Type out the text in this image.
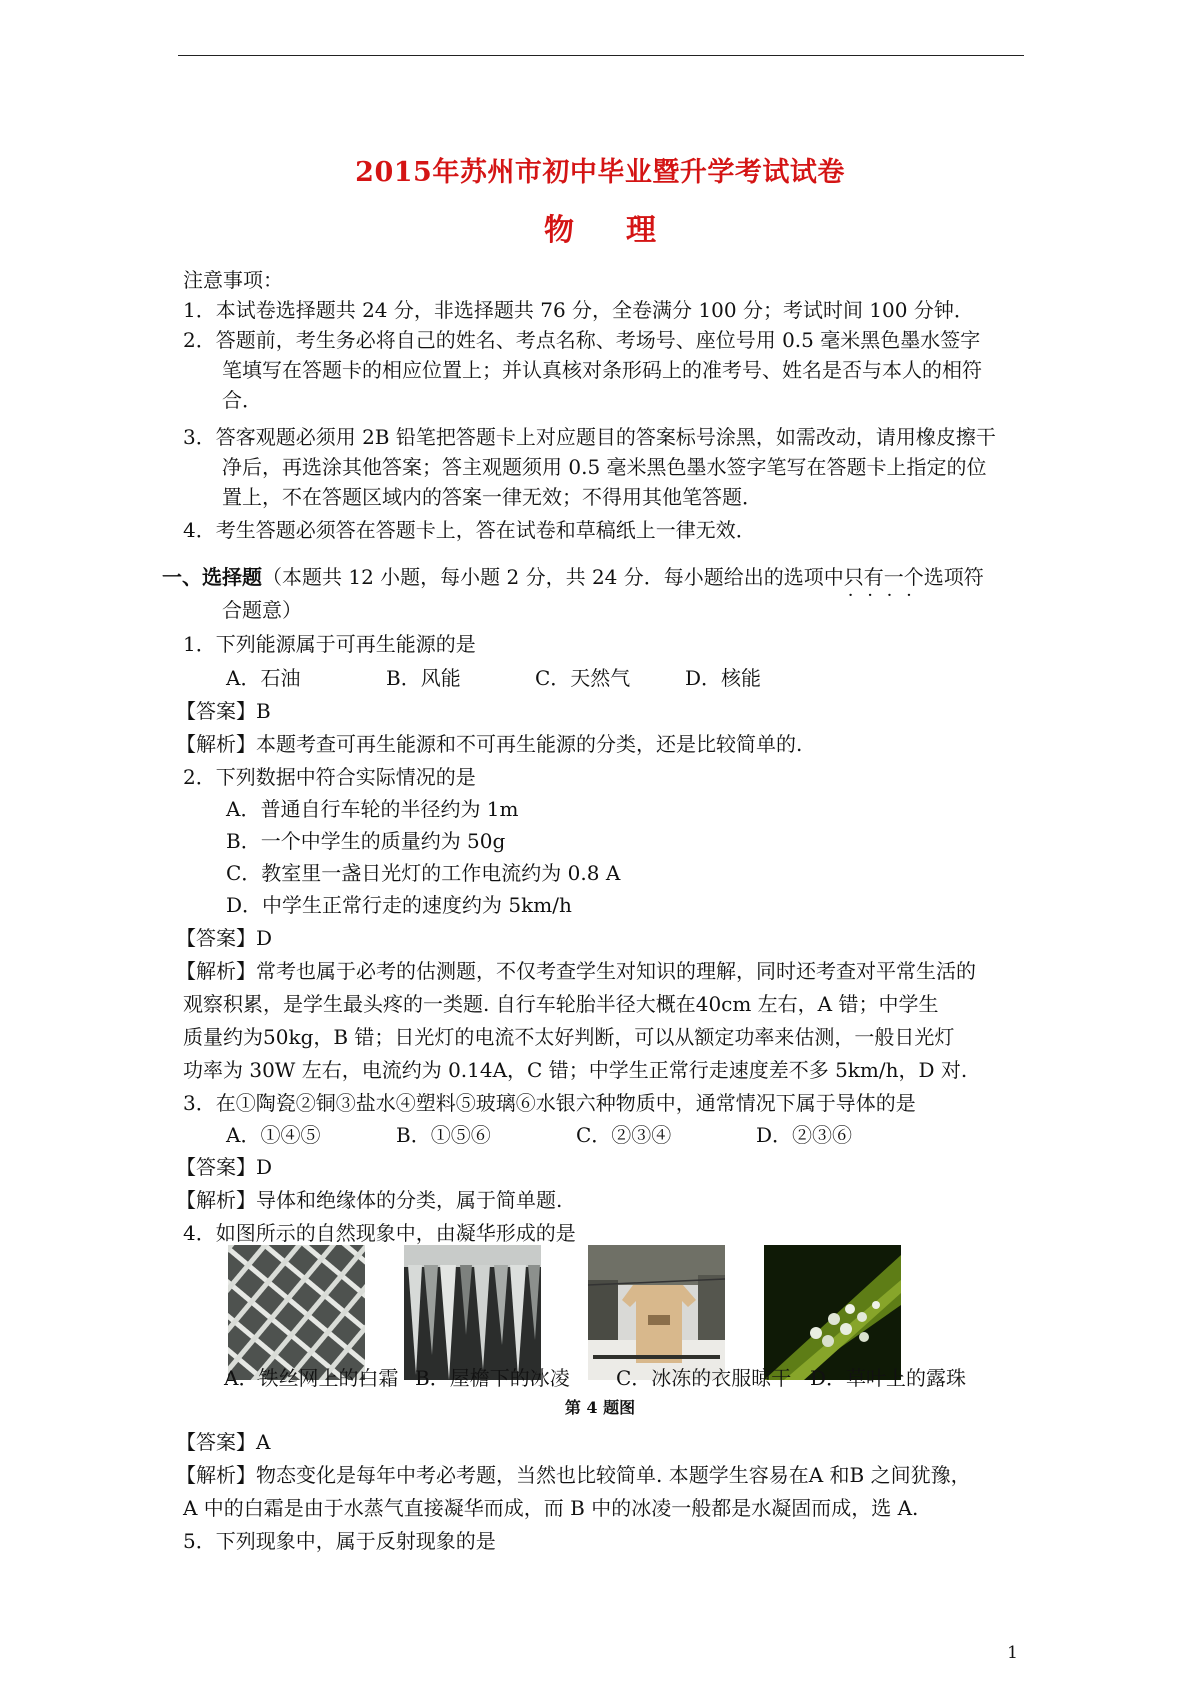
2015年苏州市初中毕业暨升学考试试卷
物 理
注意事项：
1．本试卷选择题共 24 分，非选择题共 76 分，全卷满分 100 分；考试时间 100 分钟．
2．答题前，考生务必将自己的姓名、考点名称、考场号、座位号用 0.5 毫米黑色墨水签字
笔填写在答题卡的相应位置上；并认真核对条形码上的准考号、姓名是否与本人的相符
合．
3．答客观题必须用 2B 铅笔把答题卡上对应题目的答案标号涂黑，如需改动，请用橡皮擦干
净后，再选涂其他答案；答主观题须用 0.5 毫米黑色墨水签字笔写在答题卡上指定的位
置上，不在答题区域内的答案一律无效；不得用其他笔答题．
4．考生答题必须答在答题卡上，答在试卷和草稿纸上一律无效．
一、选择题（本题共 12 小题，每小题 2 分，共 24 分．每小题给出的选项中只有一个 · · · ·选项符
合题意）
1．下列能源属于可再生能源的是
A．石油	B．风能	C．天然气	D．核能
【答案】B
【解析】本题考查可再生能源和不可再生能源的分类，还是比较简单的.
2．下列数据中符合实际情况的是
A．普通自行车轮的半径约为 1m
B．一个中学生的质量约为 50g
C．教室里一盏日光灯的工作电流约为 0.8 A
D．中学生正常行走的速度约为 5km/h
【答案】D
【解析】常考也属于必考的估测题，不仅考查学生对知识的理解，同时还考查对平常生活的
观察积累，是学生最头疼的一类题. 自行车轮胎半径大概在40cm 左右，A 错；中学生
质量约为50kg，B 错；日光灯的电流不太好判断，可以从额定功率来估测，一般日光灯
功率为 30W 左右，电流约为 0.14A，C 错；中学生正常行走速度差不多 5km/h，D 对.
3．在①陶瓷②铜③盐水④塑料⑤玻璃⑥水银六种物质中，通常情况下属于导体的是
A．①④⑤	B．①⑤⑥	C．②③④	D．②③⑥
【答案】D
【解析】导体和绝缘体的分类，属于简单题.
4．如图所示的自然现象中，由凝华形成的是
A．铁丝网上的白霜 B．屋檐下的冰凌 C．冰冻的衣服晾干 D．草叶上的露珠
第 4 题图
【答案】A
【解析】物态变化是每年中考必考题，当然也比较简单. 本题学生容易在A 和B 之间犹豫，
A 中的白霜是由于水蒸气直接凝华而成，而 B 中的冰凌一般都是水凝固而成，选 A.
5．下列现象中，属于反射现象的是
1
